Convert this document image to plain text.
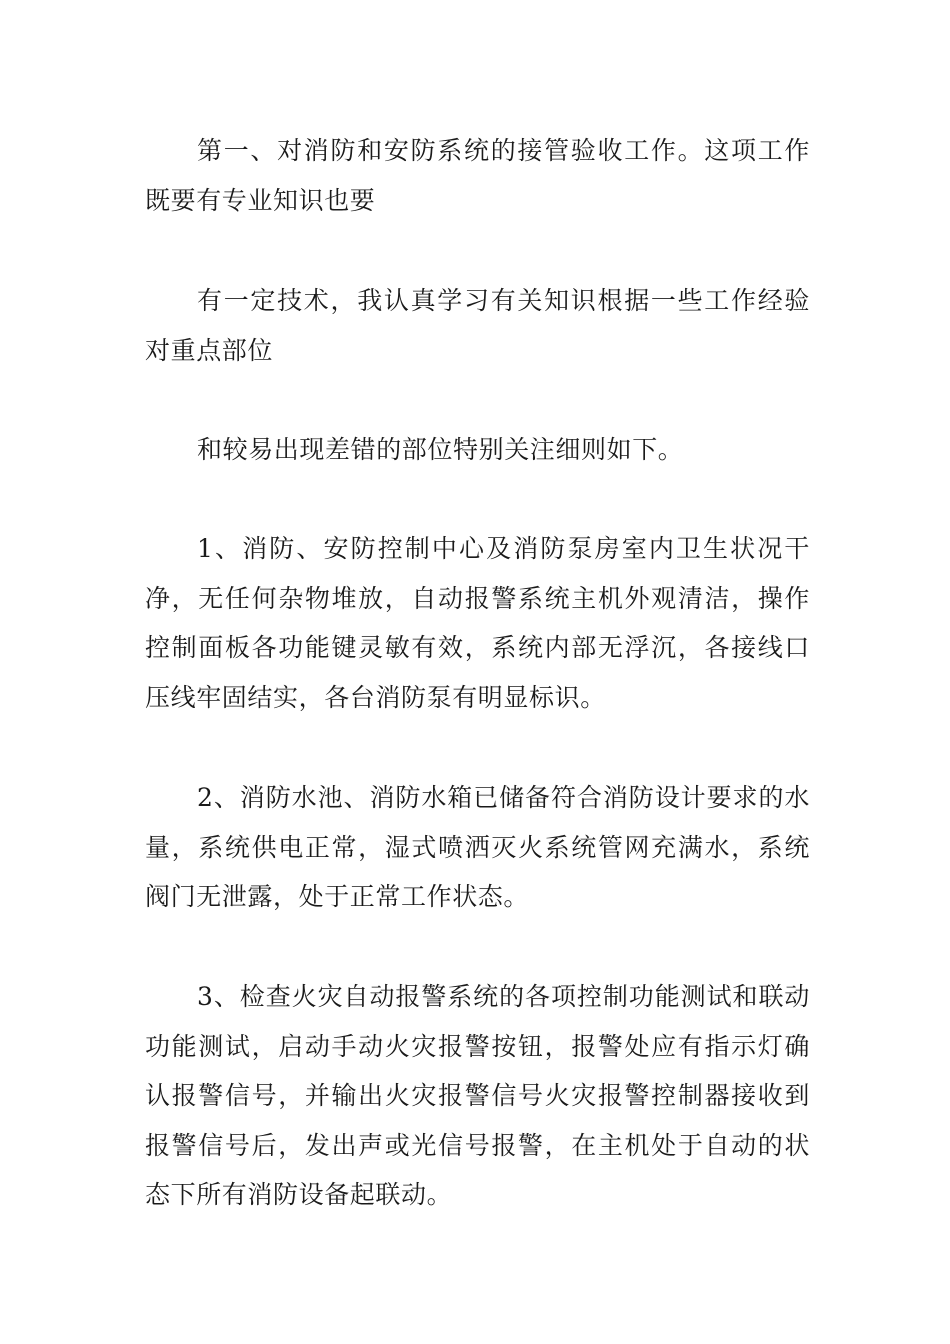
第一、对消防和安防系统的接管验收工作。这项工作既要有专业知识也要

有一定技术，我认真学习有关知识根据一些工作经验对重点部位

和较易出现差错的部位特别关注细则如下。

1、消防、安防控制中心及消防泵房室内卫生状况干净，无任何杂物堆放，自动报警系统主机外观清洁，操作控制面板各功能键灵敏有效，系统内部无浮沉，各接线口压线牢固结实，各台消防泵有明显标识。

2、消防水池、消防水箱已储备符合消防设计要求的水量，系统供电正常，湿式喷洒灭火系统管网充满水，系统阀门无泄露，处于正常工作状态。

3、检查火灾自动报警系统的各项控制功能测试和联动功能测试，启动手动火灾报警按钮，报警处应有指示灯确认报警信号，并输出火灾报警信号火灾报警控制器接收到报警信号后，发出声或光信号报警，在主机处于自动的状态下所有消防设备起联动。
